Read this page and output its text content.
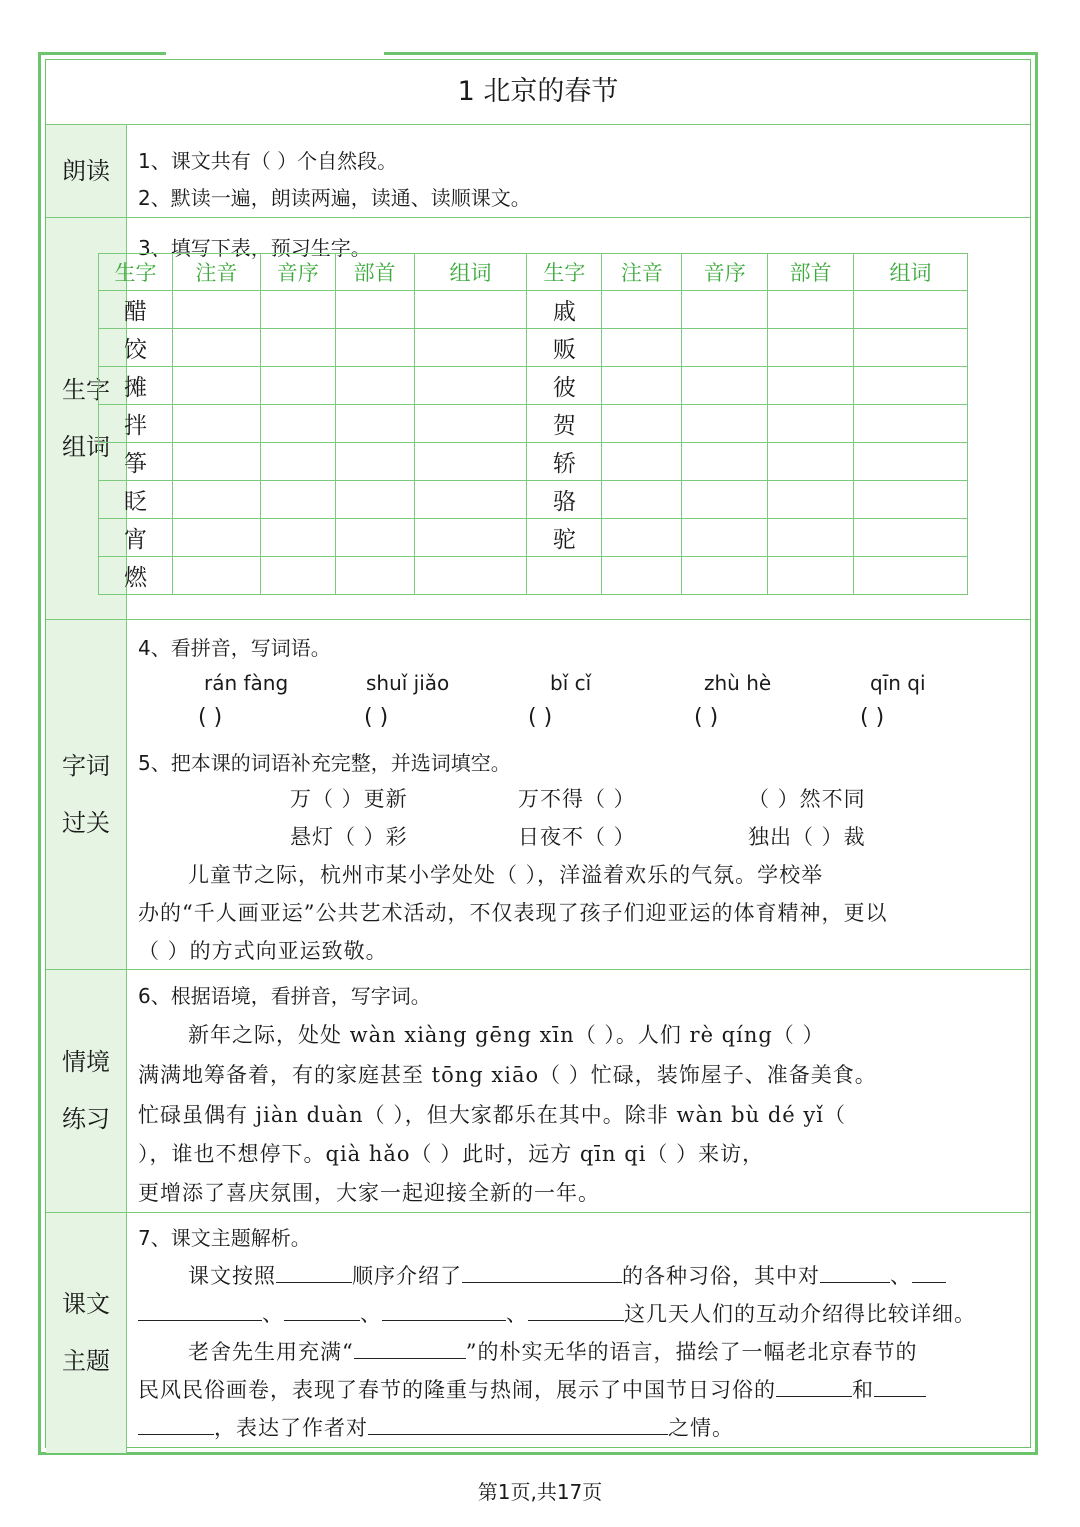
1 北京的春节
朗读 1、课文共有（ ）个自然段。
2、默读一遍，朗读两遍，读通、读顺课文。
生字
组词
3、填写下表，预习生字。
字词
过关
4、看拼音，写词语。
rán fàng	shuǐ jiǎo	bǐ cǐ	zhù hè	qīn qi
( )	( )	( )	( )	( )
5、把本课的词语补充完整，并选词填空。
万（ ）更新	万不得（ ）	（ ）然不同
悬灯（ ）彩	日夜不（ ）	独出（ ）裁
儿童节之际，杭州市某小学处处（ ），洋溢着欢乐的气氛。学校举
办的“千人画亚运”公共艺术活动，不仅表现了孩子们迎亚运的体育精神，更以
（ ）的方式向亚运致敬。
情境
练习
6、根据语境，看拼音，写字词。
新年之际，处处 wàn xiàng gēng xīn（ ）。人们 rè qíng（ ）
满满地筹备着，有的家庭甚至 tōng xiāo（ ）忙碌，装饰屋子、准备美食。
忙碌虽偶有 jiàn duàn（ ），但大家都乐在其中。除非 wàn bù dé yǐ（
），谁也不想停下。qià hǎo（ ）此时，远方 qīn qi（ ）来访，
更增添了喜庆氛围，大家一起迎接全新的一年。
课文
主题
7、课文主题解析。
课文按照	顺序介绍了	的各种习俗，其中对	、
、	、	、	这几天人们的互动介绍得比较详细。
老舍先生用充满“	”的朴实无华的语言，描绘了一幅老北京春节的
民风民俗画卷，表现了春节的隆重与热闹，展示了中国节日习俗的	和
，表达了作者对	之情。
生字	注音	音序	部首	组词	生字	注音	音序	部首	组词
醋					戚				
饺					贩				
摊					彼				
拌					贺				
筝					轿				
眨					骆				
宵					驼				
燃									
第1页,共17页
